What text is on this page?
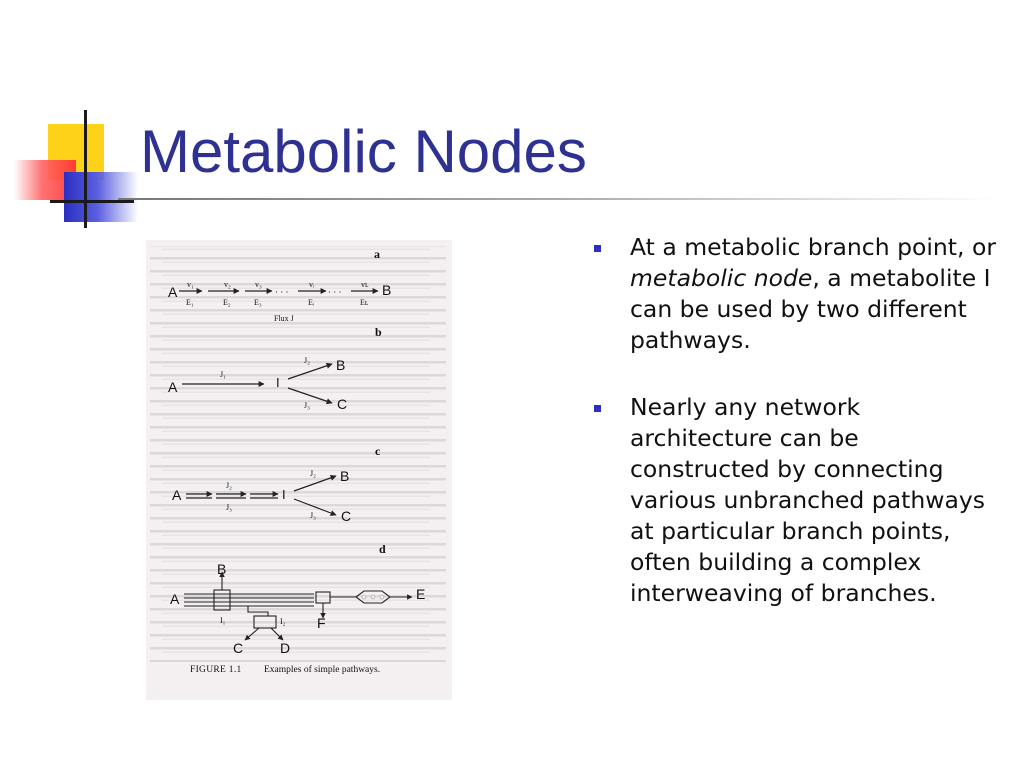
Metabolic Nodes
a
A	B
· · ·	· · ·
v₁	v₂	v₃	vᵢ	vʟ
E₁	E₂	E₃	Eᵢ	Eʟ
Flux J
b
A	I
B
C
J₁
J₂
J₃
c
A	I
B
C
J₂
J₃
J₂
J₃
d
B
A	E
F
C	D
I₁	I₂
FIGURE 1.1 Examples of simple pathways.
At a metabolic branch point, or metabolic node, a metabolite I can be used by two different pathways.
Nearly any network architecture can be constructed by connecting various unbranched pathways at particular branch points, often building a complex interweaving of branches.
